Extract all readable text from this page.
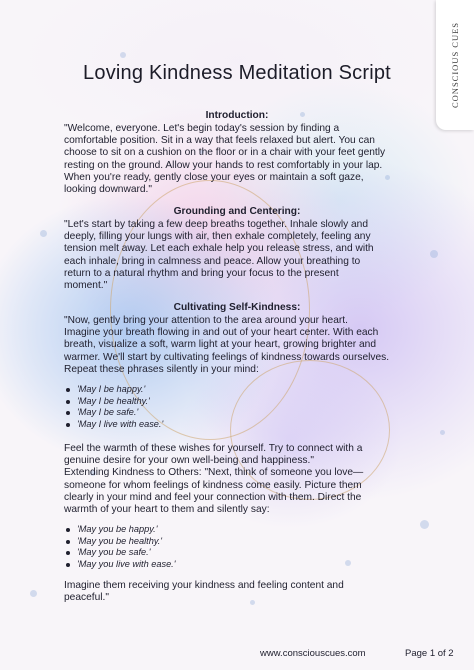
CONSCIOUS CUES
Loving Kindness Meditation Script
Introduction:
"Welcome, everyone. Let's begin today's session by finding a
comfortable position. Sit in a way that feels relaxed but alert. You can
choose to sit on a cushion on the floor or in a chair with your feet gently
resting on the ground. Allow your hands to rest comfortably in your lap.
When you're ready, gently close your eyes or maintain a soft gaze,
looking downward."
Grounding and Centering:
"Let's start by taking a few deep breaths together. Inhale slowly and
deeply, filling your lungs with air, then exhale completely, feeling any
tension melt away. Let each exhale help you release stress, and with
each inhale, bring in calmness and peace. Allow your breathing to
return to a natural rhythm and bring your focus to the present
moment."
Cultivating Self-Kindness:
"Now, gently bring your attention to the area around your heart.
Imagine your breath flowing in and out of your heart center. With each
breath, visualize a soft, warm light at your heart, growing brighter and
warmer. We'll start by cultivating feelings of kindness towards ourselves.
Repeat these phrases silently in your mind:
'May I be happy.'
'May I be healthy.'
'May I be safe.'
'May I live with ease.'
Feel the warmth of these wishes for yourself. Try to connect with a
genuine desire for your own well-being and happiness."
Extending Kindness to Others: "Next, think of someone you love—
someone for whom feelings of kindness come easily. Picture them
clearly in your mind and feel your connection with them. Direct the
warmth of your heart to them and silently say:
'May you be happy.'
'May you be healthy.'
'May you be safe.'
'May you live with ease.'
Imagine them receiving your kindness and feeling content and
peaceful."
www.consciouscues.com	Page 1 of 2
